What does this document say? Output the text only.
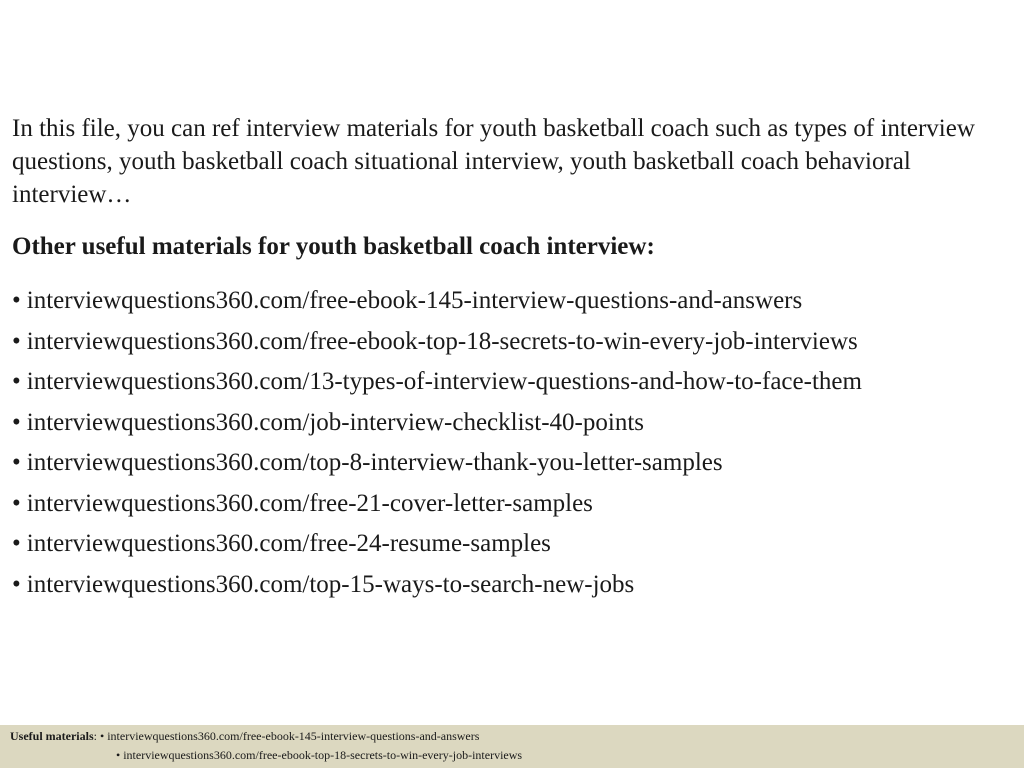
In this file, you can ref interview materials for youth basketball coach such as types of interview questions, youth basketball coach situational interview, youth basketball coach behavioral interview…

Other useful materials for youth basketball coach interview:

• interviewquestions360.com/free-ebook-145-interview-questions-and-answers
• interviewquestions360.com/free-ebook-top-18-secrets-to-win-every-job-interviews
• interviewquestions360.com/13-types-of-interview-questions-and-how-to-face-them
• interviewquestions360.com/job-interview-checklist-40-points
• interviewquestions360.com/top-8-interview-thank-you-letter-samples
• interviewquestions360.com/free-21-cover-letter-samples
• interviewquestions360.com/free-24-resume-samples
• interviewquestions360.com/top-15-ways-to-search-new-jobs
Useful materials: • interviewquestions360.com/free-ebook-145-interview-questions-and-answers
• interviewquestions360.com/free-ebook-top-18-secrets-to-win-every-job-interviews
